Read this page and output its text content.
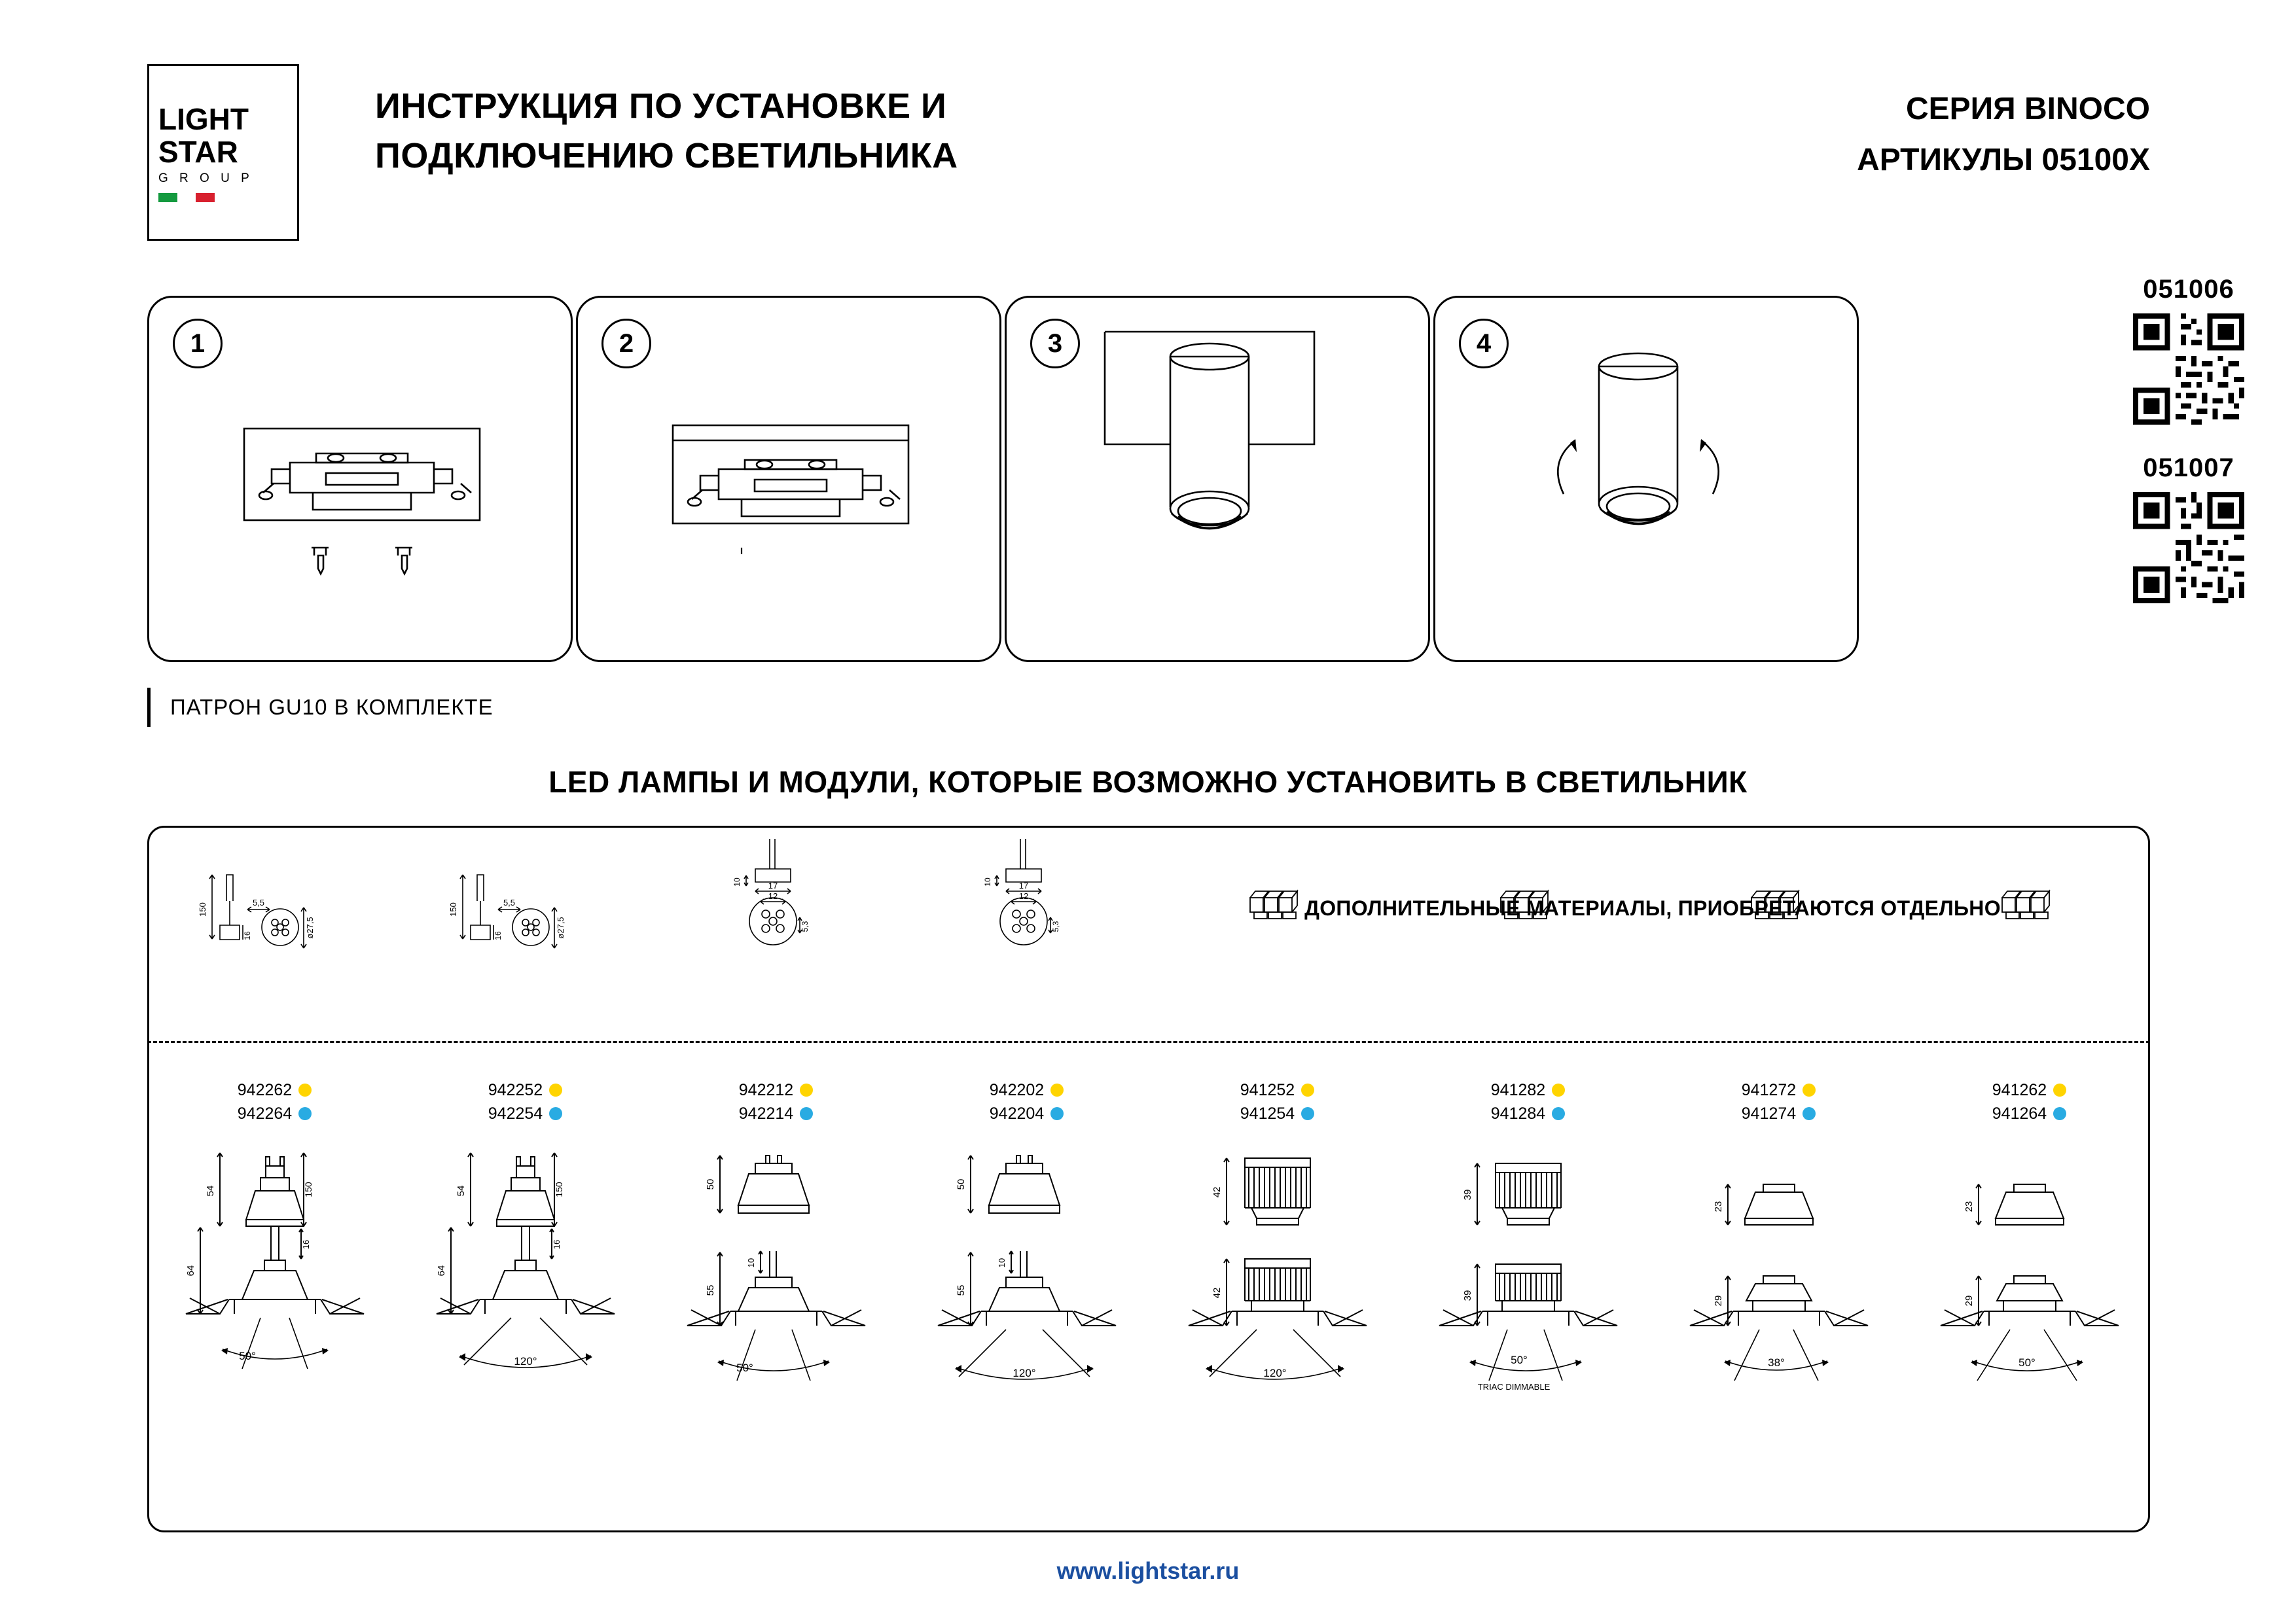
LIGHT
STAR
G R O U P
ИНСТРУКЦИЯ ПО УСТАНОВКЕ И
ПОДКЛЮЧЕНИЮ СВЕТИЛЬНИКА
СЕРИЯ BINOCO
АРТИКУЛЫ 05100X
051006
051007
1	2	3	4
ПАТРОН GU10 В КОМПЛЕКТЕ
LED ЛАМПЫ И МОДУЛИ, КОТОРЫЕ ВОЗМОЖНО УСТАНОВИТЬ В СВЕТИЛЬНИК
ДОПОЛНИТЕЛЬНЫЕ МАТЕРИАЛЫ, ПРИОБРЕТАЮТСЯ ОТДЕЛЬНО
5,5
150
16	ø27,5
54
64
150
16
50°
942262
942264
5,5
150
16	ø27,5
54
64
150
16
120°
942252
942254
10	17
12
5,3
50
55
10
50°
942212
942214
10	17
12
5,3
50
55
10
120°
942202
942204
42
42
120°
941252
941254
39
39
50°
TRIAC DIMMABLE
941282
941284
23
29
38°
941272
941274
23
29
50°
941262
941264
www.lightstar.ru
